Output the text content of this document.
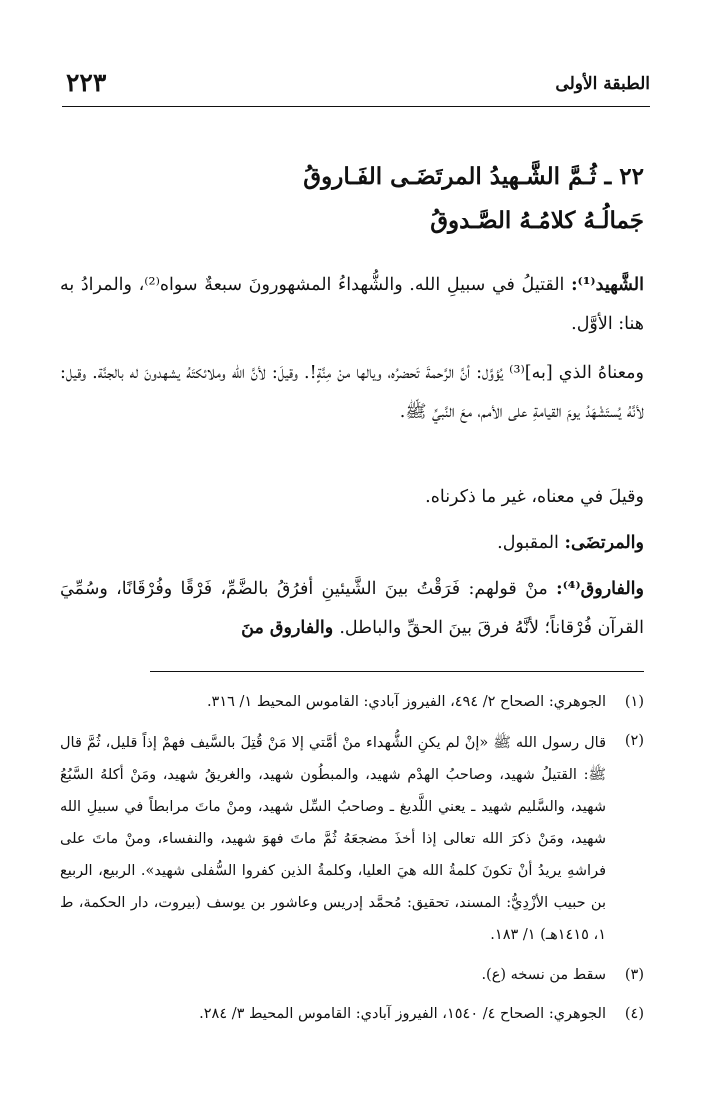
الطبقة الأولى
٢٢٣
٢٢ ـ ثُـمَّ الشَّـهيدُ المرتَضَـى الفَـاروقُ
جَمالُـهُ كلامُـهُ الصَّـدوقُ

الشَّهيد⁽¹⁾: القتيلُ في سبيلِ الله. والشُّهداءُ المشهورونَ سبعةٌ سواه⁽²⁾، والمرادُ به هنا: الأوَّل.

ومعناهُ الذي [به]⁽³⁾ يُؤوَّل: أنَّ الرَّحمةَ تَحضرُه، ويالها منْ مِنَّةٍ!. وقيلَ: لأنَّ الله وملائكتَهُ يشهدونَ له بالجنَّة. وقيل: لأنَّهُ يُستَشْهَدُ يومَ القيامةِ على الأمم، معَ النَّبيِّ ﷺ.

وقيلَ في معناه، غير ما ذكرناه.

والمرتضَى: المقبول.

والفاروق⁽⁴⁾: منْ قولهم: فَرَقْتُ بينَ الشَّيئينِ أفرُقُ بالضَّمِّ، فَرْقًا وفُرْقَانًا، وسُمِّيَ القرآن فُرْقاناً؛ لأنَّهُ فرقَ بينَ الحقِّ والباطل. والفاروق منَ

(١)
الجوهري: الصحاح ٢/ ٤٩٤، الفيروز آبادي: القاموس المحيط ١/ ٣١٦.
(٢)
قال رسول الله ﷺ «إنْ لم يكنِ الشُّهداء منْ أمَّتي إلا مَنْ قُتِلَ بالسَّيف فهمْ إذاً قليل، ثُمَّ قال ﷺ: القتيلُ شهيد، وصاحبُ الهدْم شهيد، والمبطُون شهيد، والغريقُ شهيد، ومَنْ أكلهُ السَّبُعُ شهيد، والسَّليم شهيد ـ يعني اللَّديغ ـ وصاحبُ السِّل شهيد، ومنْ ماتَ مرابطاً في سبيلِ الله شهيد، ومَنْ ذكرَ الله تعالى إذا أخذَ مضجعَهُ ثُمَّ ماتَ فهوَ شهيد، والنفساء، ومنْ ماتَ على فراشهِ يريدُ أنْ تكونَ كلمةُ الله هيَ العليا، وكلمةُ الذين كفروا السُّفلى شهيد». الربيع، الربيع بن حبيب الأزْدِيُّ: المسند، تحقيق: مُحمَّد إدريس وعاشور بن يوسف (بيروت، دار الحكمة، ط ١، ١٤١٥هـ) ١/ ١٨٣.
(٣)
سقط من نسخه (ع).
(٤)
الجوهري: الصحاح ٤/ ١٥٤٠، الفيروز آبادي: القاموس المحيط ٣/ ٢٨٤.
